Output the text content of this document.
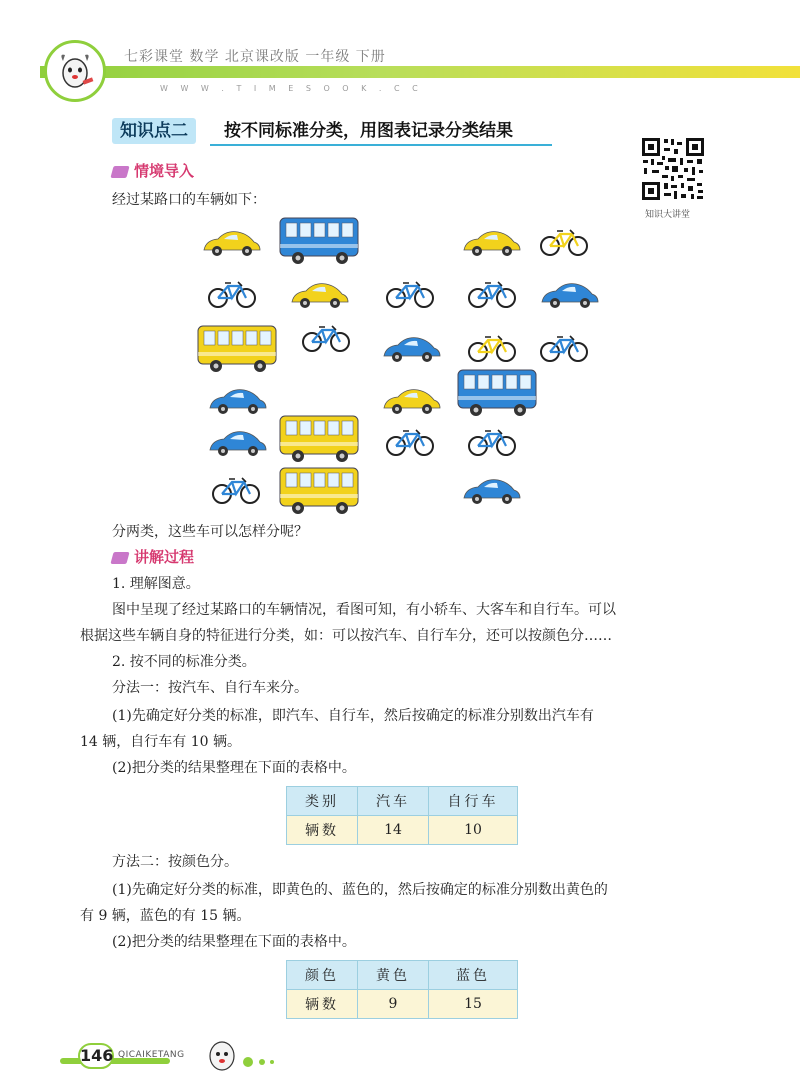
七彩课堂 数学 北京课改版 一年级 下册
W W W . T I M E S O O K . C C
知识点二	按不同标准分类，用图表记录分类结果
知识大讲堂
情境导入
经过某路口的车辆如下：
分两类，这些车可以怎样分呢？
讲解过程
1. 理解图意。
图中呈现了经过某路口的车辆情况，看图可知，有小轿车、大客车和自行车。可以
根据这些车辆自身的特征进行分类，如：可以按汽车、自行车分，还可以按颜色分……
2. 按不同的标准分类。
分法一：按汽车、自行车来分。
(1)先确定好分类的标准，即汽车、自行车，然后按确定的标准分别数出汽车有
14 辆，自行车有 10 辆。
(2)把分类的结果整理在下面的表格中。
类别	汽车	自行车
辆数	14	10
方法二：按颜色分。
(1)先确定好分类的标准，即黄色的、蓝色的，然后按确定的标准分别数出黄色的
有 9 辆，蓝色的有 15 辆。
(2)把分类的结果整理在下面的表格中。
颜色	黄色	蓝色
辆数	9	15
146 QICAIKETANG
